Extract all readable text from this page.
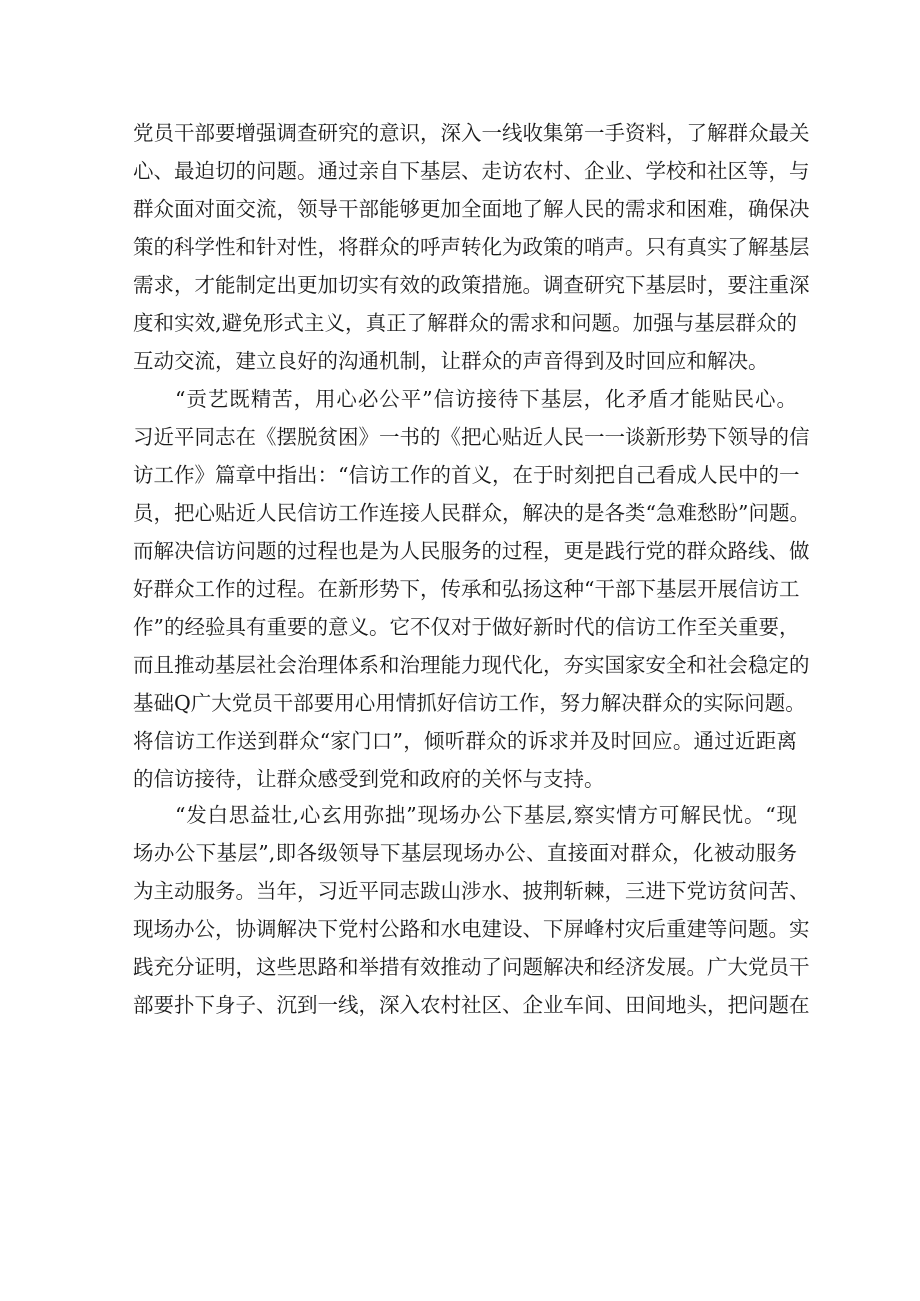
党员干部要增强调查研究的意识，深入一线收集第一手资料，了解群众最关
心、最迫切的问题。通过亲自下基层、走访农村、企业、学校和社区等，与
群众面对面交流，领导干部能够更加全面地了解人民的需求和困难，确保决
策的科学性和针对性，将群众的呼声转化为政策的哨声。只有真实了解基层
需求，才能制定出更加切实有效的政策措施。调查研究下基层时，要注重深
度和实效,避免形式主义，真正了解群众的需求和问题。加强与基层群众的
互动交流，建立良好的沟通机制，让群众的声音得到及时回应和解决。
“贡艺既精苦，用心必公平”信访接待下基层，化矛盾才能贴民心。
习近平同志在《摆脱贫困》一书的《把心贴近人民一一谈新形势下领导的信
访工作》篇章中指出：“信访工作的首义，在于时刻把自己看成人民中的一
员，把心贴近人民信访工作连接人民群众，解决的是各类“急难愁盼”问题。
而解决信访问题的过程也是为人民服务的过程，更是践行党的群众路线、做
好群众工作的过程。在新形势下，传承和弘扬这种“干部下基层开展信访工
作”的经验具有重要的意义。它不仅对于做好新时代的信访工作至关重要，
而且推动基层社会治理体系和治理能力现代化，夯实国家安全和社会稳定的
基础Q广大党员干部要用心用情抓好信访工作，努力解决群众的实际问题。
将信访工作送到群众“家门口”，倾听群众的诉求并及时回应。通过近距离
的信访接待，让群众感受到党和政府的关怀与支持。
“发白思益壮,心玄用弥拙”现场办公下基层,察实情方可解民忧。“现
场办公下基层”,即各级领导下基层现场办公、直接面对群众，化被动服务
为主动服务。当年，习近平同志跋山涉水、披荆斩棘，三进下党访贫问苦、
现场办公，协调解决下党村公路和水电建设、下屏峰村灾后重建等问题。实
践充分证明，这些思路和举措有效推动了问题解决和经济发展。广大党员干
部要扑下身子、沉到一线，深入农村社区、企业车间、田间地头，把问题在
